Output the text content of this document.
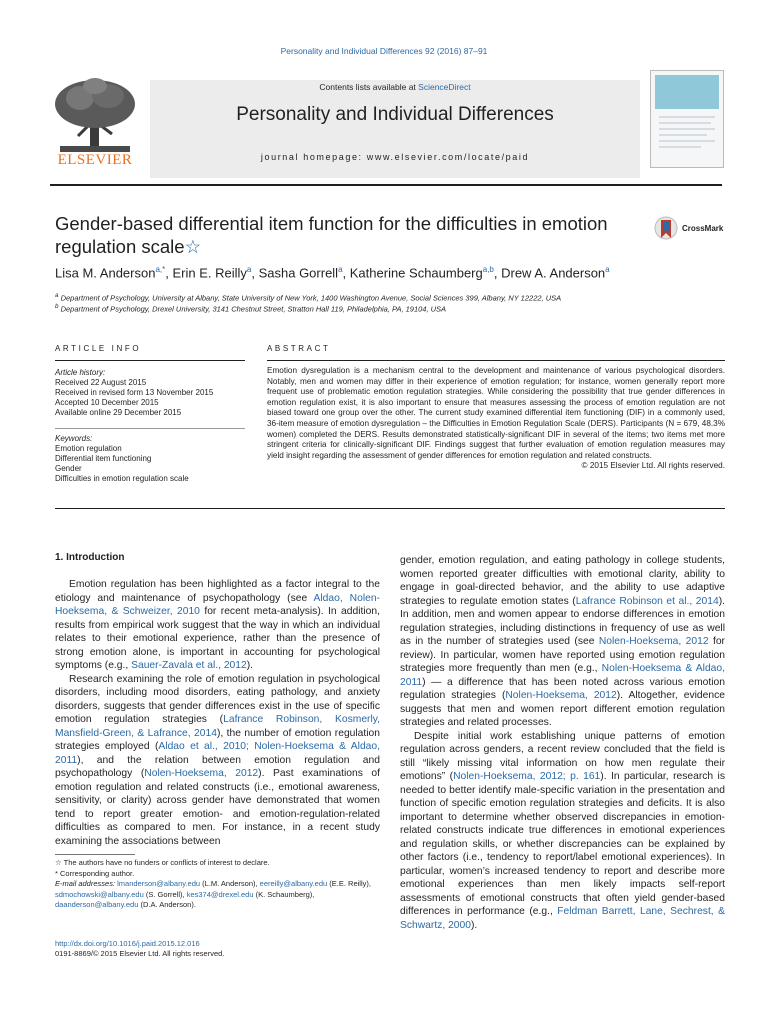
Personality and Individual Differences 92 (2016) 87–91
ELSEVIER
Contents lists available at ScienceDirect
Personality and Individual Differences
journal homepage: www.elsevier.com/locate/paid
Gender-based differential item function for the difficulties in emotion regulation scale☆
CrossMark
Lisa M. Anderson$^{a,*}$, Erin E. Reilly$^a$, Sasha Gorrell$^a$, Katherine Schaumberg$^{a,b}$, Drew A. Anderson$^a$
$^a$ Department of Psychology, University at Albany, State University of New York, 1400 Washington Avenue, Social Sciences 399, Albany, NY 12222, USA
$^b$ Department of Psychology, Drexel University, 3141 Chestnut Street, Stratton Hall 119, Philadelphia, PA, 19104, USA
ARTICLE INFO	ABSTRACT
Article history:
Received 22 August 2015
Received in revised form 13 November 2015
Accepted 10 December 2015
Available online 29 December 2015
Keywords:
Emotion regulation
Differential item functioning
Gender
Difficulties in emotion regulation scale
Emotion dysregulation is a mechanism central to the development and maintenance of various psychological disorders. Notably, men and women may differ in their experience of emotion regulation; for instance, women generally report more frequent use of problematic emotion regulation strategies. While considering the possibility that true gender differences in emotion regulation exist, it is also important to ensure that measures assessing the process of emotion regulation are not biased toward one group over the other. The current study examined differential item functioning (DIF) in a commonly used, 36-item measure of emotion dysregulation – the Difficulties in Emotion Regulation Scale (DERS). Participants (N = 679, 48.3% women) completed the DERS. Results demonstrated statistically-significant DIF in several of the items; two items met more stringent criteria for clinically-significant DIF. Findings suggest that further evaluation of emotion regulation measures may yield insight regarding the assessment of gender differences for emotion regulation and related constructs.
© 2015 Elsevier Ltd. All rights reserved.
1. Introduction

Emotion regulation has been highlighted as a factor integral to the etiology and maintenance of psychopathology (see Aldao, Nolen-Hoeksema, & Schweizer, 2010 for recent meta-analysis). In addition, results from empirical work suggest that the way in which an individual relates to their emotional experience, rather than the presence of strong emotion alone, is important in accounting for psychological symptoms (e.g., Sauer-Zavala et al., 2012).

Research examining the role of emotion regulation in psychological disorders, including mood disorders, eating pathology, and anxiety disorders, suggests that gender differences exist in the use of specific emotion regulation strategies (Lafrance Robinson, Kosmerly, Mansfield-Green, & Lafrance, 2014), the number of emotion regulation strategies employed (Aldao et al., 2010; Nolen-Hoeksema & Aldao, 2011), and the relation between emotion regulation and psychopathology (Nolen-Hoeksema, 2012). Past examinations of emotion regulation and related constructs (i.e., emotional awareness, sensitivity, or clarity) across gender have demonstrated that women tend to report greater emotion- and emotion-regulation-related difficulties as compared to men. For instance, in a recent study examining the associations between

gender, emotion regulation, and eating pathology in college students, women reported greater difficulties with emotional clarity, ability to engage in goal-directed behavior, and the ability to use adaptive strategies to regulate emotion states (Lafrance Robinson et al., 2014). In addition, men and women appear to endorse differences in emotion regulation strategies, including distinctions in frequency of use as well as in the number of strategies used (see Nolen-Hoeksema, 2012 for review). In particular, women have reported using emotion regulation strategies more frequently than men (e.g., Nolen-Hoeksema & Aldao, 2011) — a difference that has been noted across various emotion regulation strategies (Nolen-Hoeksema, 2012). Altogether, evidence suggests that men and women report different emotion regulation strategies and related processes.

Despite initial work establishing unique patterns of emotion regulation across genders, a recent review concluded that the field is still “likely missing vital information on how men regulate their emotions” (Nolen-Hoeksema, 2012; p. 161). In particular, research is needed to better identify male-specific variation in the presentation and function of specific emotion regulation strategies and deficits. It is also important to determine whether observed discrepancies in emotion-related constructs indicate true differences in emotional experiences and regulation skills, or whether discrepancies can be explained by other factors (i.e., tendency to report/label emotional experiences). In particular, women’s increased tendency to report and describe more emotional experiences than men likely impacts self-report assessments of emotional constructs that often yield gender-based differences in performance (e.g., Feldman Barrett, Lane, Sechrest, & Schwartz, 2000).

☆ The authors have no funders or conflicts of interest to declare.
* Corresponding author.
E-mail addresses: lmanderson@albany.edu (L.M. Anderson), eereilly@albany.edu (E.E. Reilly), sdmochowski@albany.edu (S. Gorrell), kes374@drexel.edu (K. Schaumberg), daanderson@albany.edu (D.A. Anderson).
http://dx.doi.org/10.1016/j.paid.2015.12.016
0191-8869/© 2015 Elsevier Ltd. All rights reserved.
